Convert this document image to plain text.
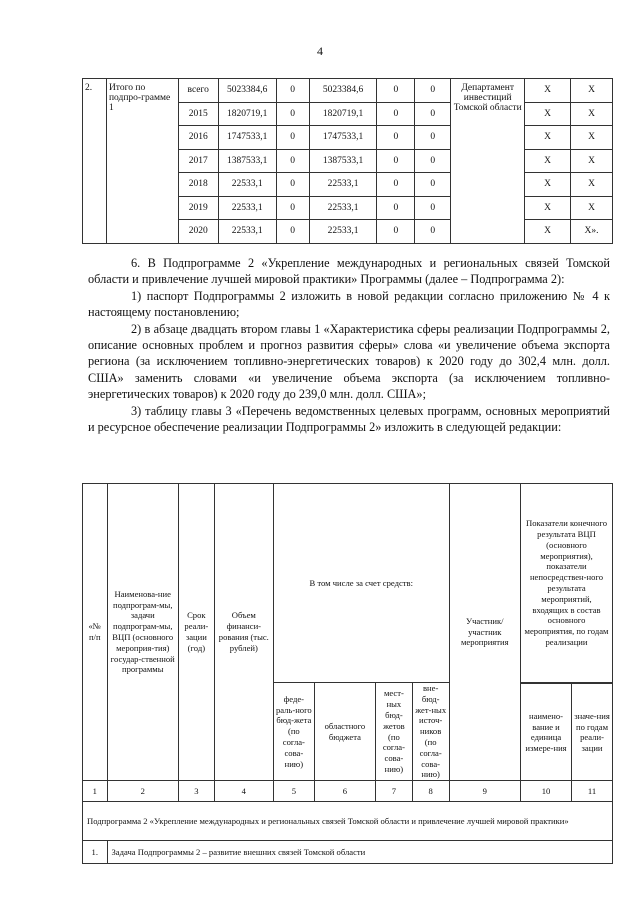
4
2.	Итого по подпро-грамме 1	всего	5023384,6	0	5023384,6	0	0	Департамент инвестиций Томской области	X	X
		2015	1820719,1	0	1820719,1	0	0		X	X
		2016	1747533,1	0	1747533,1	0	0		X	X
		2017	1387533,1	0	1387533,1	0	0		X	X
		2018	22533,1	0	22533,1	0	0		X	X
		2019	22533,1	0	22533,1	0	0		X	X
		2020	22533,1	0	22533,1	0	0		X	X».

6. В Подпрограмме 2 «Укрепление международных и региональных связей Томской области и привлечение лучшей мировой практики» Программы (далее – Подпрограмма 2):

1) паспорт Подпрограммы 2 изложить в новой редакции согласно приложению № 4 к настоящему постановлению;

2) в абзаце двадцать втором главы 1 «Характеристика сферы реализации Подпрограммы 2, описание основных проблем и прогноз развития сферы» слова «и увеличение объема экспорта региона (за исключением топливно-энергетических товаров) к 2020 году до 302,4 млн. долл. США» заменить словами «и увеличение объема экспорта (за исключением топливно-энергетических товаров) к 2020 году до 239,0 млн. долл. США»;

3) таблицу главы 3 «Перечень ведомственных целевых программ, основных мероприятий и ресурсное обеспечение реализации Подпрограммы 2» изложить в следующей редакции:

«№ п/п	Наименова-ние подпрограм-мы, задачи подпрограм-мы, ВЦП (основного мероприя-тия) государ-ственной программы	Срок реали-зации (год)	Объем финанси-рования (тыс. рублей)	В том числе за счет средств:				Участник/ участник мероприятия	Показатели конечного результата ВЦП (основного мероприятия), показатели непосредствен-ного результата мероприятий, входящих в состав основного мероприятия, по годам реализации	
				феде-раль-ного бюд-жета (по согла-сова-нию)	областного бюджета	мест-ных бюд-жетов (по согла-сова-нию)	вне-бюд-жет-ных источ-ников (по согла-сова-нию)			
									наимено-вание и единица измере-ния	значе-ния по годам реали-зации
1	2	3	4	5	6	7	8	9	10	11
Подпрограмма 2 «Укрепление международных и региональных связей Томской области и привлечение лучшей мировой практики»										
1.	Задача Подпрограммы 2 – развитие внешних связей Томской области									
